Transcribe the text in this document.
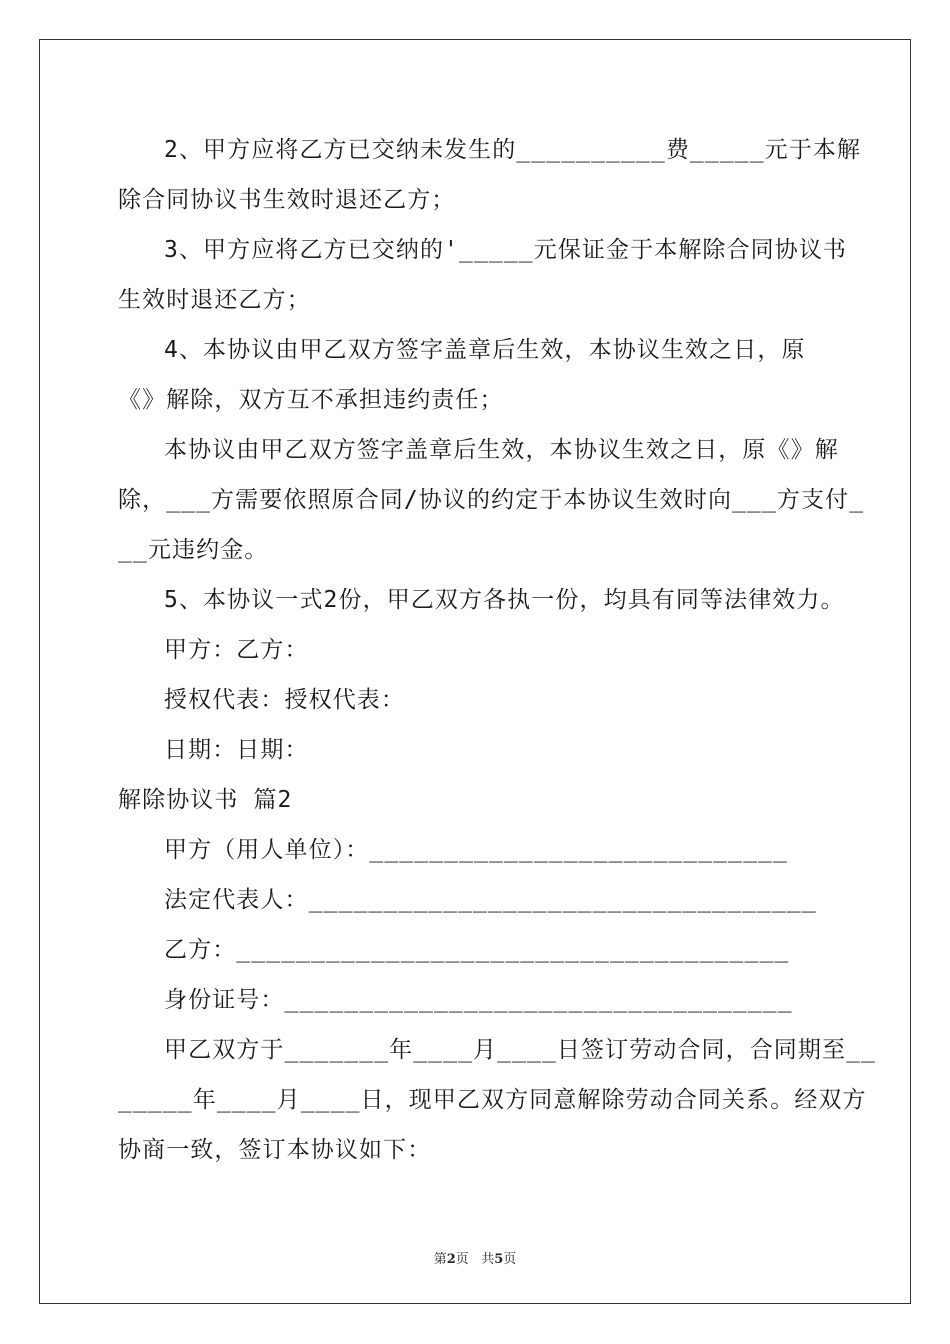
2、甲方应将乙方已交纳未发生的__________费_____元于本解
除合同协议书生效时退还乙方；
3、甲方应将乙方已交纳的'_____元保证金于本解除合同协议书
生效时退还乙方；
4、本协议由甲乙双方签字盖章后生效，本协议生效之日，原
《》解除，双方互不承担违约责任；
本协议由甲乙双方签字盖章后生效，本协议生效之日，原《》解
除，___方需要依照原合同/协议的约定于本协议生效时向___方支付_
__元违约金。
5、本协议一式2份，甲乙双方各执一份，均具有同等法律效力。
甲方：乙方：
授权代表：授权代表：
日期：日期：
解除协议书 篇2
甲方（用人单位）：____________________________
法定代表人：__________________________________
乙方：_____________________________________
身份证号：__________________________________
甲乙双方于_______年____月____日签订劳动合同，合同期至__
_____年____月____日，现甲乙双方同意解除劳动合同关系。经双方
协商一致，签订本协议如下：
第2页 共5页
